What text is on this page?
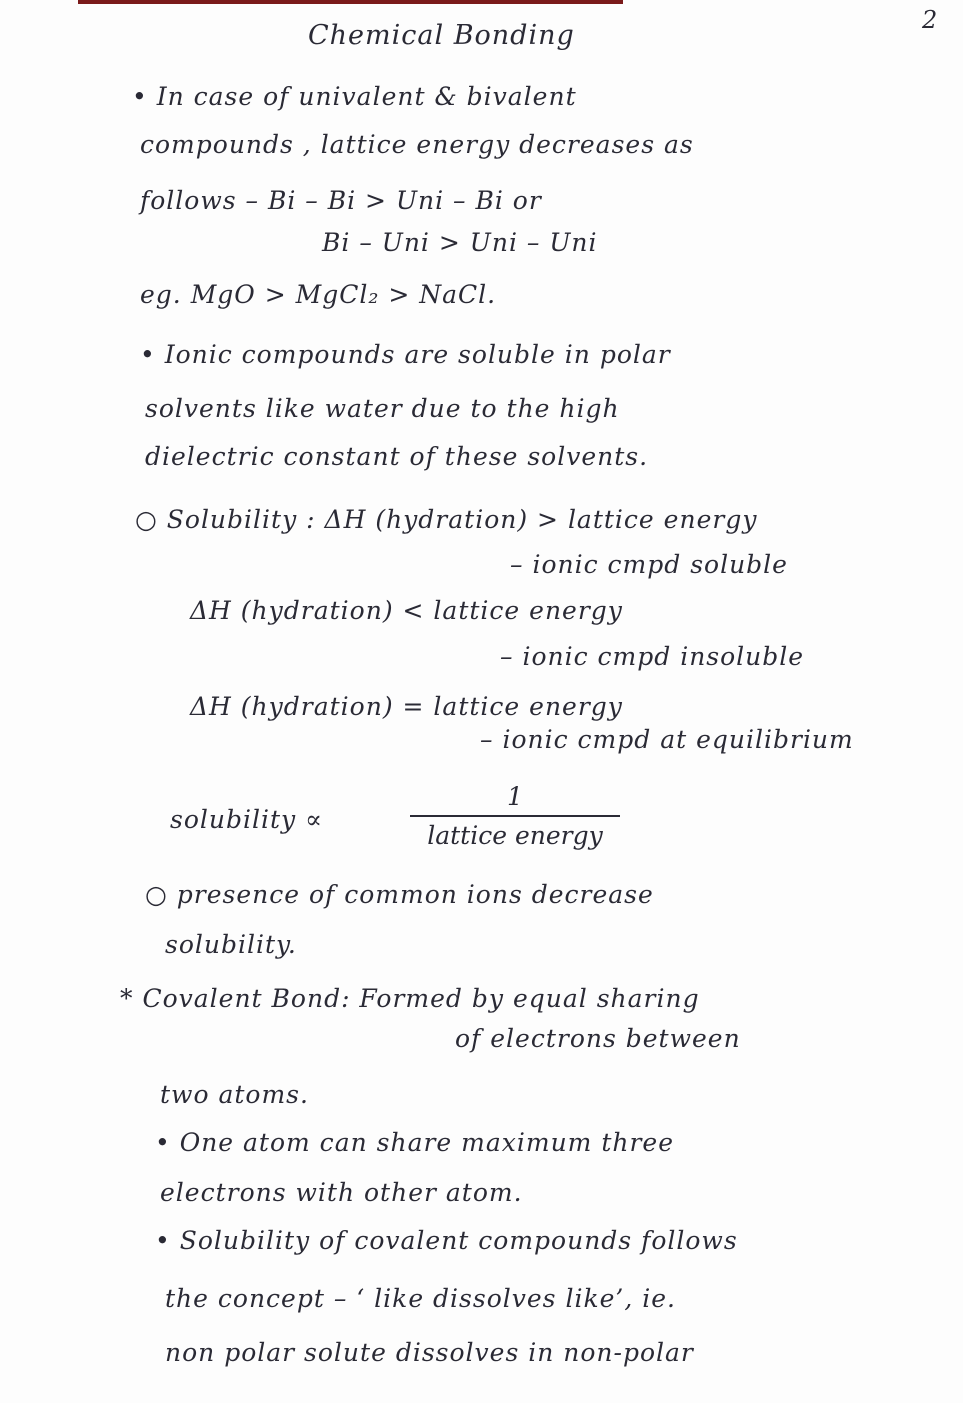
2
Chemical Bonding
• In case of univalent & bivalent
compounds , lattice energy decreases as
follows – Bi – Bi > Uni – Bi or
Bi – Uni > Uni – Uni
eg. MgO > MgCl₂ > NaCl.
• Ionic compounds are soluble in polar
solvents like water due to the high
dielectric constant of these solvents.
○ Solubility : ΔH (hydration) > lattice energy
– ionic cmpd soluble
ΔH (hydration) < lattice energy
– ionic cmpd insoluble
ΔH (hydration) = lattice energy
– ionic cmpd at equilibrium
solubility ∝
1
lattice energy
○ presence of common ions decrease
solubility.
* Covalent Bond: Formed by equal sharing
of electrons between
two atoms.
• One atom can share maximum three
electrons with other atom.
• Solubility of covalent compounds follows
the concept – ‘ like dissolves like’, ie.
non polar solute dissolves in non-polar
